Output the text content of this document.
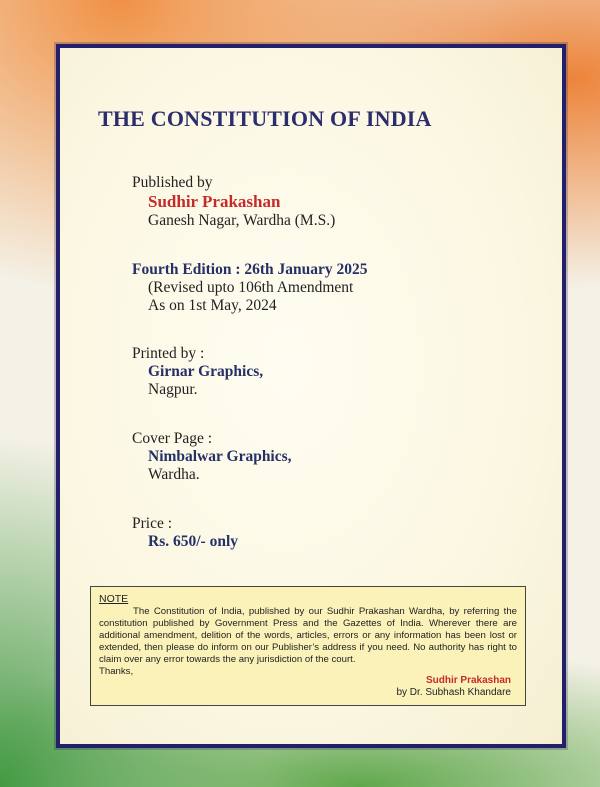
THE CONSTITUTION OF INDIA
Published by
Sudhir Prakashan
Ganesh Nagar, Wardha (M.S.)
Fourth Edition : 26th January 2025
(Revised upto 106th Amendment
As on 1st May, 2024
Printed by :
Girnar Graphics,
Nagpur.
Cover Page :
Nimbalwar Graphics,
Wardha.
Price :
Rs. 650/- only
NOTE

The Constitution of India, published by our Sudhir Prakashan Wardha, by referring the constitution published by Government Press and the Gazettes of India. Wherever there are additional amendment, delition of the words, articles, errors or any information has been lost or extended, then please do inform on our Publisher’s address if you need. No authority has right to claim over any error towards the any jurisdiction of the court.

Thanks,
Sudhir Prakashan
by Dr. Subhash Khandare
